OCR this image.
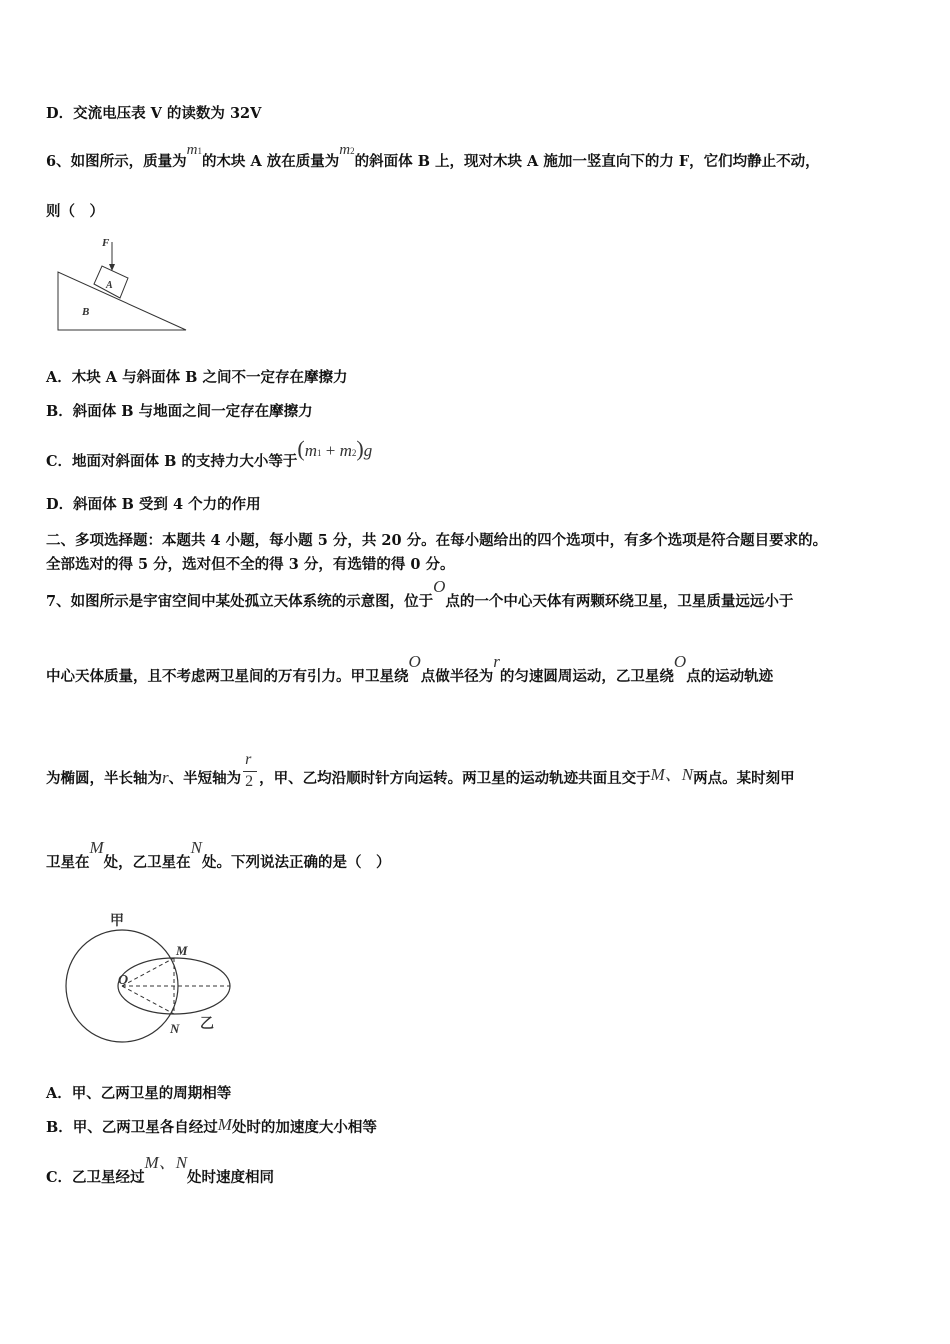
D．交流电压表 V 的读数为 32V
6、如图所示，质量为m1的木块 A 放在质量为m2的斜面体 B 上，现对木块 A 施加一竖直向下的力 F，它们均静止不动，
则（　）
F
A
B
A．木块 A 与斜面体 B 之间不一定存在摩擦力
B．斜面体 B 与地面之间一定存在摩擦力
C．地面对斜面体 B 的支持力大小等于(m1 + m2)g
D．斜面体 B 受到 4 个力的作用
二、多项选择题：本题共 4 小题，每小题 5 分，共 20 分。在每小题给出的四个选项中，有多个选项是符合题目要求的。
全部选对的得 5 分，选对但不全的得 3 分，有选错的得 0 分。
7、如图所示是宇宙空间中某处孤立天体系统的示意图，位于O点的一个中心天体有两颗环绕卫星，卫星质量远远小于
中心天体质量，且不考虑两卫星间的万有引力。甲卫星绕O点做半径为r的匀速圆周运动，乙卫星绕O点的运动轨迹
为椭圆，半长轴为r、半短轴为 $\frac{r}{2}$ ，甲、乙均沿顺时针方向运转。两卫星的运动轨迹共面且交于M、N两点。某时刻甲
卫星在M处，乙卫星在N处。下列说法正确的是（　）
甲
乙
O
M
N
A．甲、乙两卫星的周期相等
B．甲、乙两卫星各自经过M处时的加速度大小相等
C．乙卫星经过M、N处时速度相同
